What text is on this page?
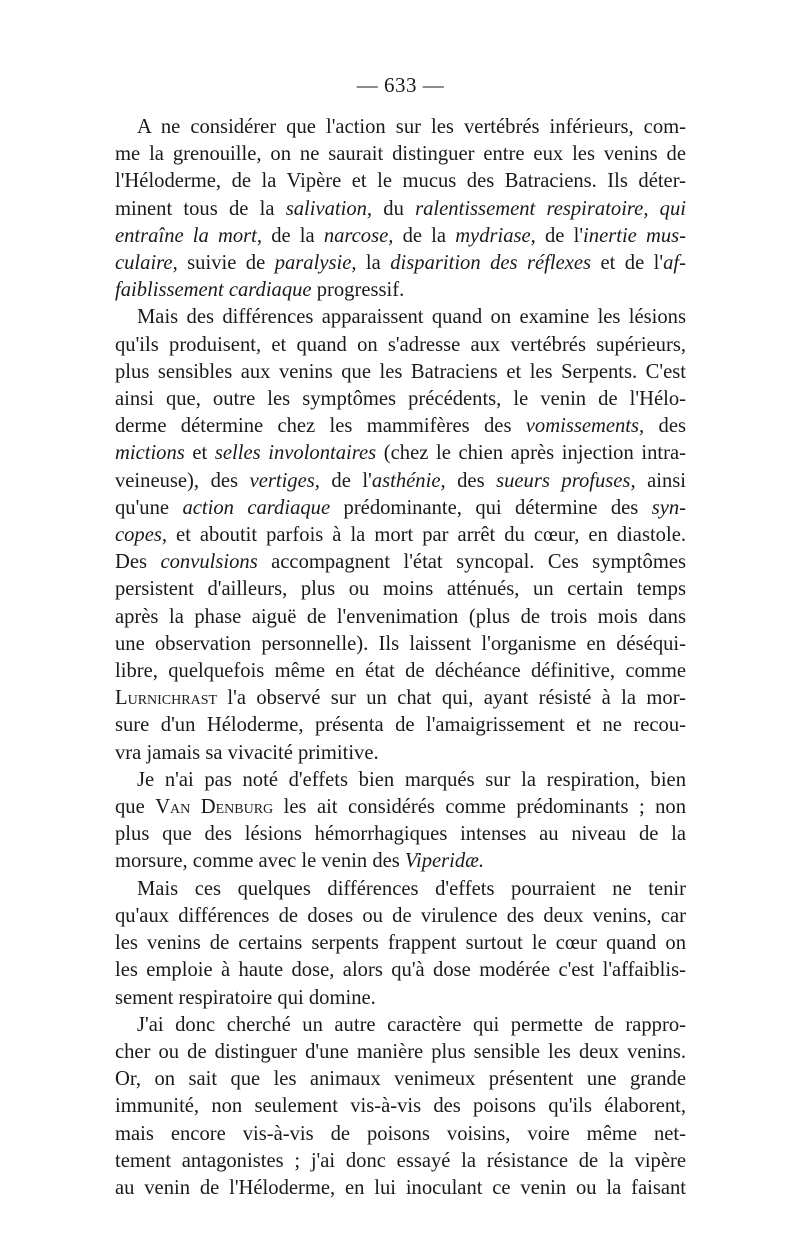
— 633 —
A ne considérer que l'action sur les vertébrés inférieurs, com-
me la grenouille, on ne saurait distinguer entre eux les venins de
l'Héloderme, de la Vipère et le mucus des Batraciens. Ils déter-
minent tous de la salivation, du ralentissement respiratoire, qui
entraîne la mort, de la narcose, de la mydriase, de l'inertie mus-
culaire, suivie de paralysie, la disparition des réflexes et de l'af-
faiblissement cardiaque progressif.
Mais des différences apparaissent quand on examine les lésions
qu'ils produisent, et quand on s'adresse aux vertébrés supérieurs,
plus sensibles aux venins que les Batraciens et les Serpents. C'est
ainsi que, outre les symptômes précédents, le venin de l'Hélo-
derme détermine chez les mammifères des vomissements, des
mictions et selles involontaires (chez le chien après injection intra-
veineuse), des vertiges, de l'asthénie, des sueurs profuses, ainsi
qu'une action cardiaque prédominante, qui détermine des syn-
copes, et aboutit parfois à la mort par arrêt du cœur, en diastole.
Des convulsions accompagnent l'état syncopal. Ces symptômes
persistent d'ailleurs, plus ou moins atténués, un certain temps
après la phase aiguë de l'envenimation (plus de trois mois dans
une observation personnelle). Ils laissent l'organisme en déséqui-
libre, quelquefois même en état de déchéance définitive, comme
Lurnichrast l'a observé sur un chat qui, ayant résisté à la mor-
sure d'un Héloderme, présenta de l'amaigrissement et ne recou-
vra jamais sa vivacité primitive.
Je n'ai pas noté d'effets bien marqués sur la respiration, bien
que Van Denburg les ait considérés comme prédominants ; non
plus que des lésions hémorrhagiques intenses au niveau de la
morsure, comme avec le venin des Viperidæ.
Mais ces quelques différences d'effets pourraient ne tenir
qu'aux différences de doses ou de virulence des deux venins, car
les venins de certains serpents frappent surtout le cœur quand on
les emploie à haute dose, alors qu'à dose modérée c'est l'affaiblis-
sement respiratoire qui domine.
J'ai donc cherché un autre caractère qui permette de rappro-
cher ou de distinguer d'une manière plus sensible les deux venins.
Or, on sait que les animaux venimeux présentent une grande
immunité, non seulement vis-à-vis des poisons qu'ils élaborent,
mais encore vis-à-vis de poisons voisins, voire même net-
tement antagonistes ; j'ai donc essayé la résistance de la vipère
au venin de l'Héloderme, en lui inoculant ce venin ou la faisant
